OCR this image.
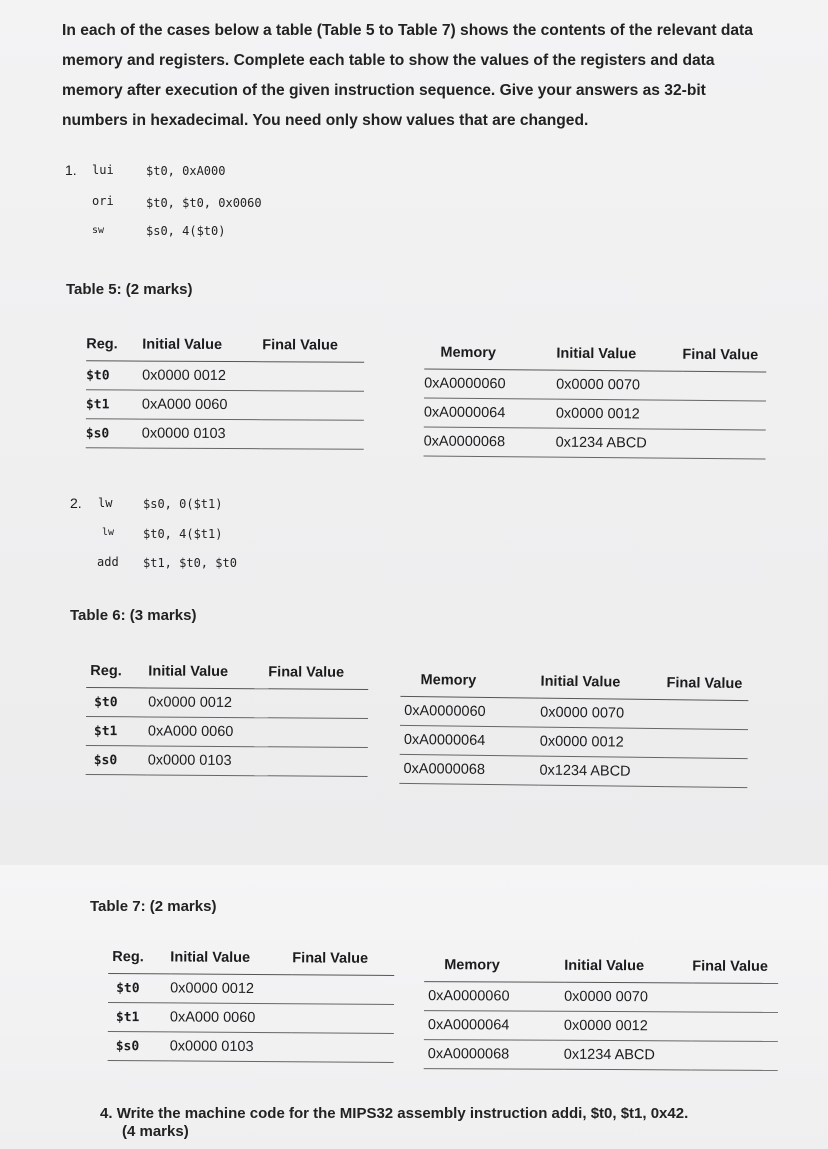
In each of the cases below a table (Table 5 to Table 7) shows the contents of the relevant data memory and registers. Complete each table to show the values of the registers and data memory after execution of the given instruction sequence. Give your answers as 32-bit numbers in hexadecimal. You need only show values that are changed.
1. lui	$t0, 0xA000
ori	$t0, $t0, 0x0060
sw	$s0, 4($t0)
Table 5: (2 marks)
Reg.	Initial Value	Final Value
$t0	0x0000 0012	
$t1	0xA000 0060	
$s0	0x0000 0103	
Memory	Initial Value	Final Value
0xA0000060	0x0000 0070	
0xA0000064	0x0000 0012	
0xA0000068	0x1234 ABCD	
2. lw	$s0, 0($t1)
lw $t0, 4($t1)
add $t1, $t0, $t0
Table 6: (3 marks)
Reg.	Initial Value	Final Value
$t0	0x0000 0012	
$t1	0xA000 0060	
$s0	0x0000 0103	
Memory	Initial Value	Final Value
0xA0000060	0x0000 0070	
0xA0000064	0x0000 0012	
0xA0000068	0x1234 ABCD	
Table 7: (2 marks)
Reg.	Initial Value	Final Value
$t0	0x0000 0012	
$t1	0xA000 0060	
$s0	0x0000 0103	
Memory	Initial Value	Final Value
0xA0000060	0x0000 0070	
0xA0000064	0x0000 0012	
0xA0000068	0x1234 ABCD	
4. Write the machine code for the MIPS32 assembly instruction addi, $t0, $t1, 0x42.
(4 marks)
